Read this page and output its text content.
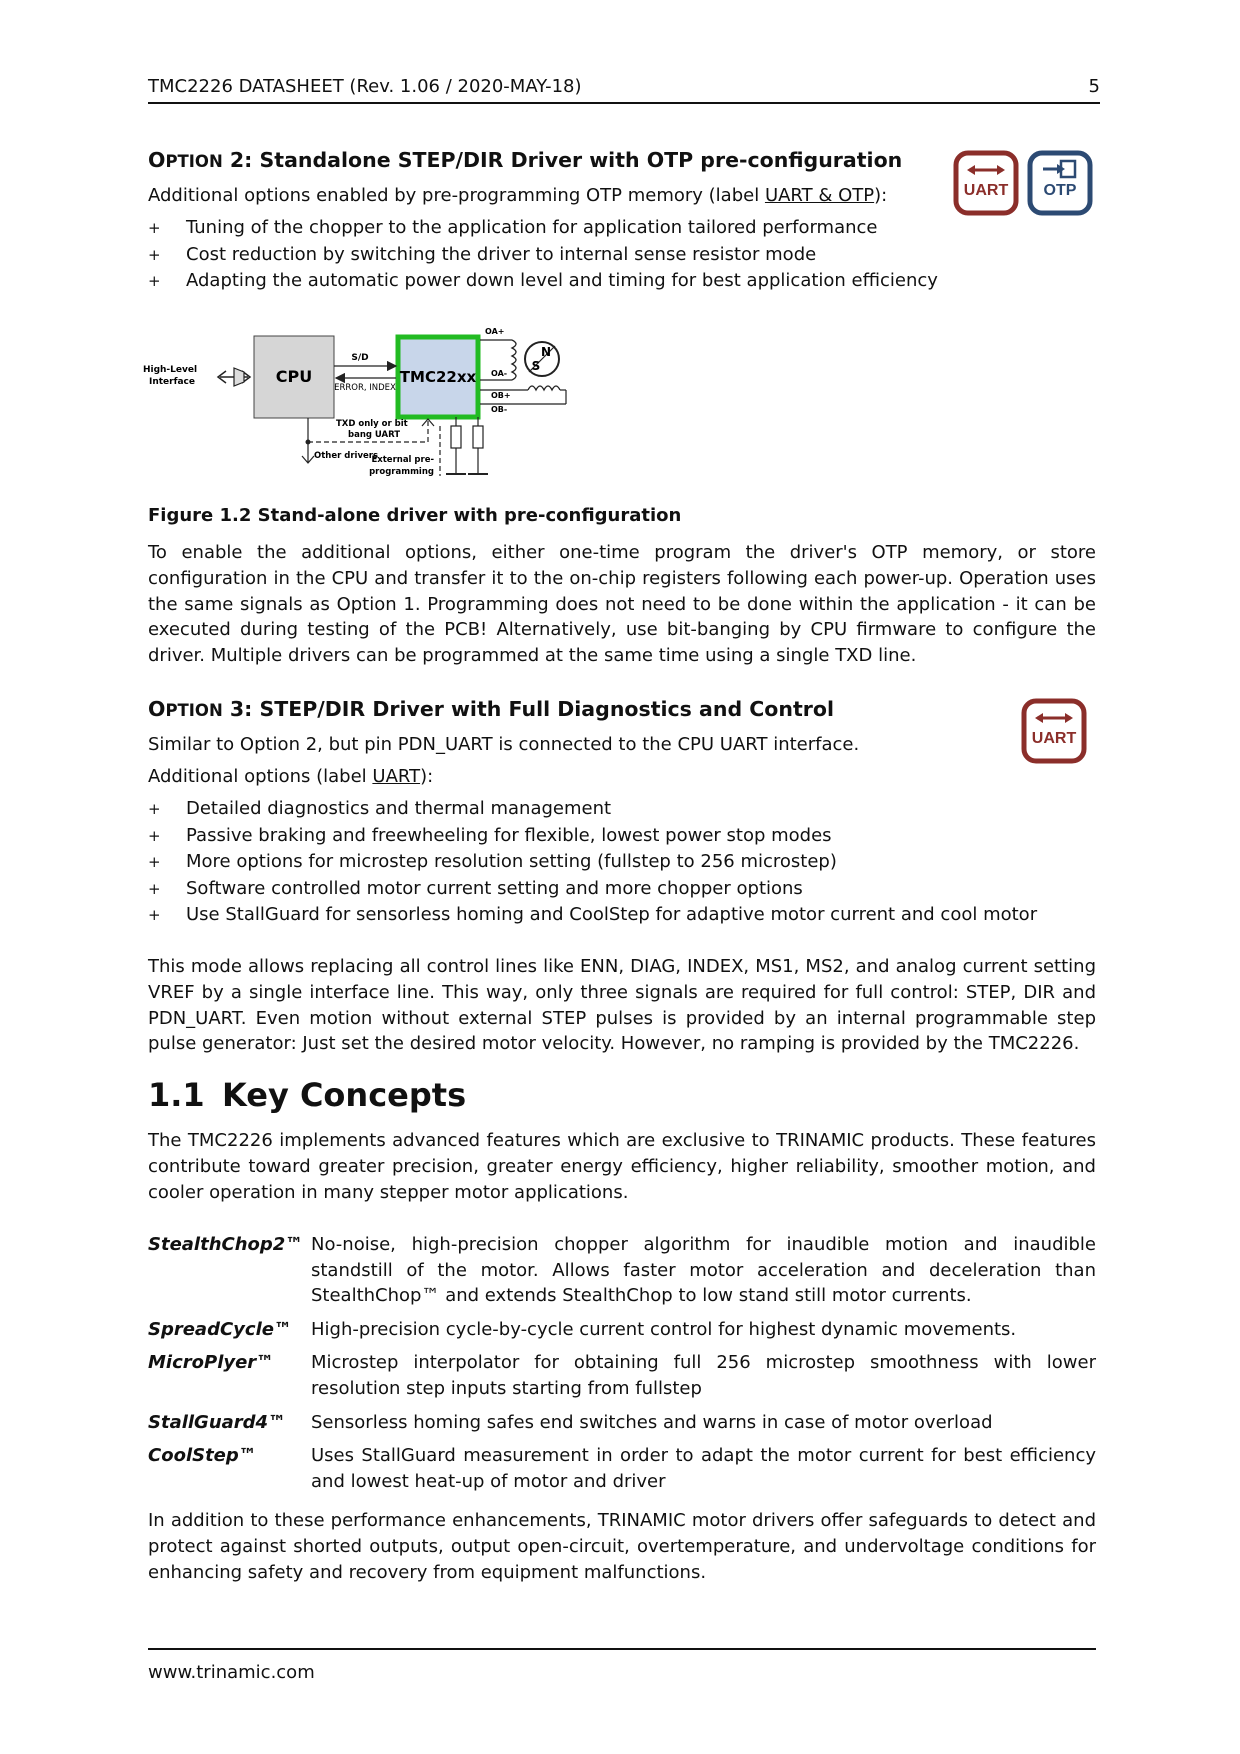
TMC2226 DATASHEET (Rev. 1.06 / 2020-MAY-18)	5
OPTION 2: Standalone STEP/DIR Driver with OTP pre-configuration

Additional options enabled by pre-programming OTP memory (label UART & OTP):	UART OTP
+ Tuning of the chopper to the application for application tailored performance
+ Cost reduction by switching the driver to internal sense resistor mode
+ Adapting the automatic power down level and timing for best application efficiency
High-Level
Interface	CPU	TMC22xx
S/D
ERROR, INDEX
TXD only or bit
bang UART
Other drivers
External pre-
programming
OA+
OA-
OB+
OB-
N
S
Figure 1.2 Stand-alone driver with pre-configuration

To enable the additional options, either one-time program the driver's OTP memory, or store configuration in the CPU and transfer it to the on-chip registers following each power-up. Operation uses the same signals as Option 1. Programming does not need to be done within the application - it can be executed during testing of the PCB! Alternatively, use bit-banging by CPU firmware to configure the driver. Multiple drivers can be programmed at the same time using a single TXD line.

OPTION 3: STEP/DIR Driver with Full Diagnostics and Control

Similar to Option 2, but pin PDN_UART is connected to the CPU UART interface.

Additional options (label UART):

UART
+ Detailed diagnostics and thermal management
+ Passive braking and freewheeling for flexible, lowest power stop modes
+ More options for microstep resolution setting (fullstep to 256 microstep)
+ Software controlled motor current setting and more chopper options
+ Use StallGuard for sensorless homing and CoolStep for adaptive motor current and cool motor

This mode allows replacing all control lines like ENN, DIAG, INDEX, MS1, MS2, and analog current setting VREF by a single interface line. This way, only three signals are required for full control: STEP, DIR and PDN_UART. Even motion without external STEP pulses is provided by an internal programmable step pulse generator: Just set the desired motor velocity. However, no ramping is provided by the TMC2226.

1.1 Key Concepts

The TMC2226 implements advanced features which are exclusive to TRINAMIC products. These features contribute toward greater precision, greater energy efficiency, higher reliability, smoother motion, and cooler operation in many stepper motor applications.

StealthChop2™ No-noise, high-precision chopper algorithm for inaudible motion and inaudible standstill of the motor. Allows faster motor acceleration and deceleration than StealthChop™ and extends StealthChop to low stand still motor currents.
SpreadCycle™	High-precision cycle-by-cycle current control for highest dynamic movements.
MicroPlyer™	Microstep interpolator for obtaining full 256 microstep smoothness with lower resolution step inputs starting from fullstep
StallGuard4™	Sensorless homing safes end switches and warns in case of motor overload
CoolStep™	Uses StallGuard measurement in order to adapt the motor current for best efficiency and lowest heat-up of motor and driver

In addition to these performance enhancements, TRINAMIC motor drivers offer safeguards to detect and protect against shorted outputs, output open-circuit, overtemperature, and undervoltage conditions for enhancing safety and recovery from equipment malfunctions.

www.trinamic.com
